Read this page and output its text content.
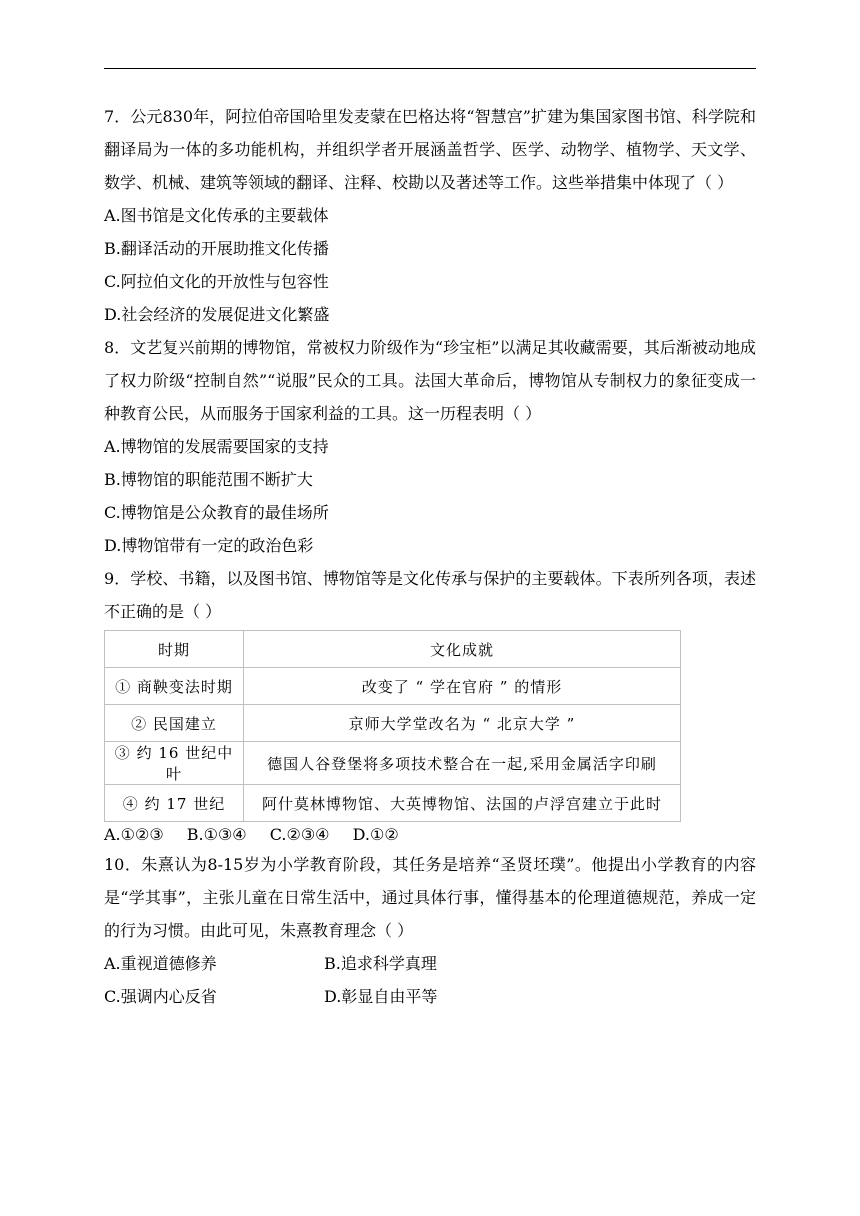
7．公元830年，阿拉伯帝国哈里发麦蒙在巴格达将“智慧宫”扩建为集国家图书馆、科学院和翻译局为一体的多功能机构，并组织学者开展涵盖哲学、医学、动物学、植物学、天文学、数学、机械、建筑等领域的翻译、注释、校勘以及著述等工作。这些举措集中体现了（ ）

A.图书馆是文化传承的主要载体

B.翻译活动的开展助推文化传播

C.阿拉伯文化的开放性与包容性

D.社会经济的发展促进文化繁盛

8．文艺复兴前期的博物馆，常被权力阶级作为“珍宝柜”以满足其收藏需要，其后渐被动地成了权力阶级“控制自然”“说服”民众的工具。法国大革命后，博物馆从专制权力的象征变成一种教育公民，从而服务于国家利益的工具。这一历程表明（ ）

A.博物馆的发展需要国家的支持

B.博物馆的职能范围不断扩大

C.博物馆是公众教育的最佳场所

D.博物馆带有一定的政治色彩

9．学校、书籍，以及图书馆、博物馆等是文化传承与保护的主要载体。下表所列各项，表述不正确的是（ ）

时期	文化成就
① 商鞅变法时期	改变了 “ 学在官府 ” 的情形
② 民国建立	京师大学堂改名为 “ 北京大学 ”
③ 约 16 世纪中叶	德国人谷登堡将多项技术整合在一起,采用金属活字印刷
④ 约 17 世纪	阿什莫林博物馆、大英博物馆、法国的卢浮宫建立于此时

A.①②③ B.①③④ C.②③④ D.①②

10．朱熹认为8-15岁为小学教育阶段，其任务是培养“圣贤坯璞”。他提出小学教育的内容是“学其事”，主张儿童在日常生活中，通过具体行事，懂得基本的伦理道德规范，养成一定的行为习惯。由此可见，朱熹教育理念（ ）

A.重视道德修养	B.追求科学真理
C.强调内心反省	D.彰显自由平等
